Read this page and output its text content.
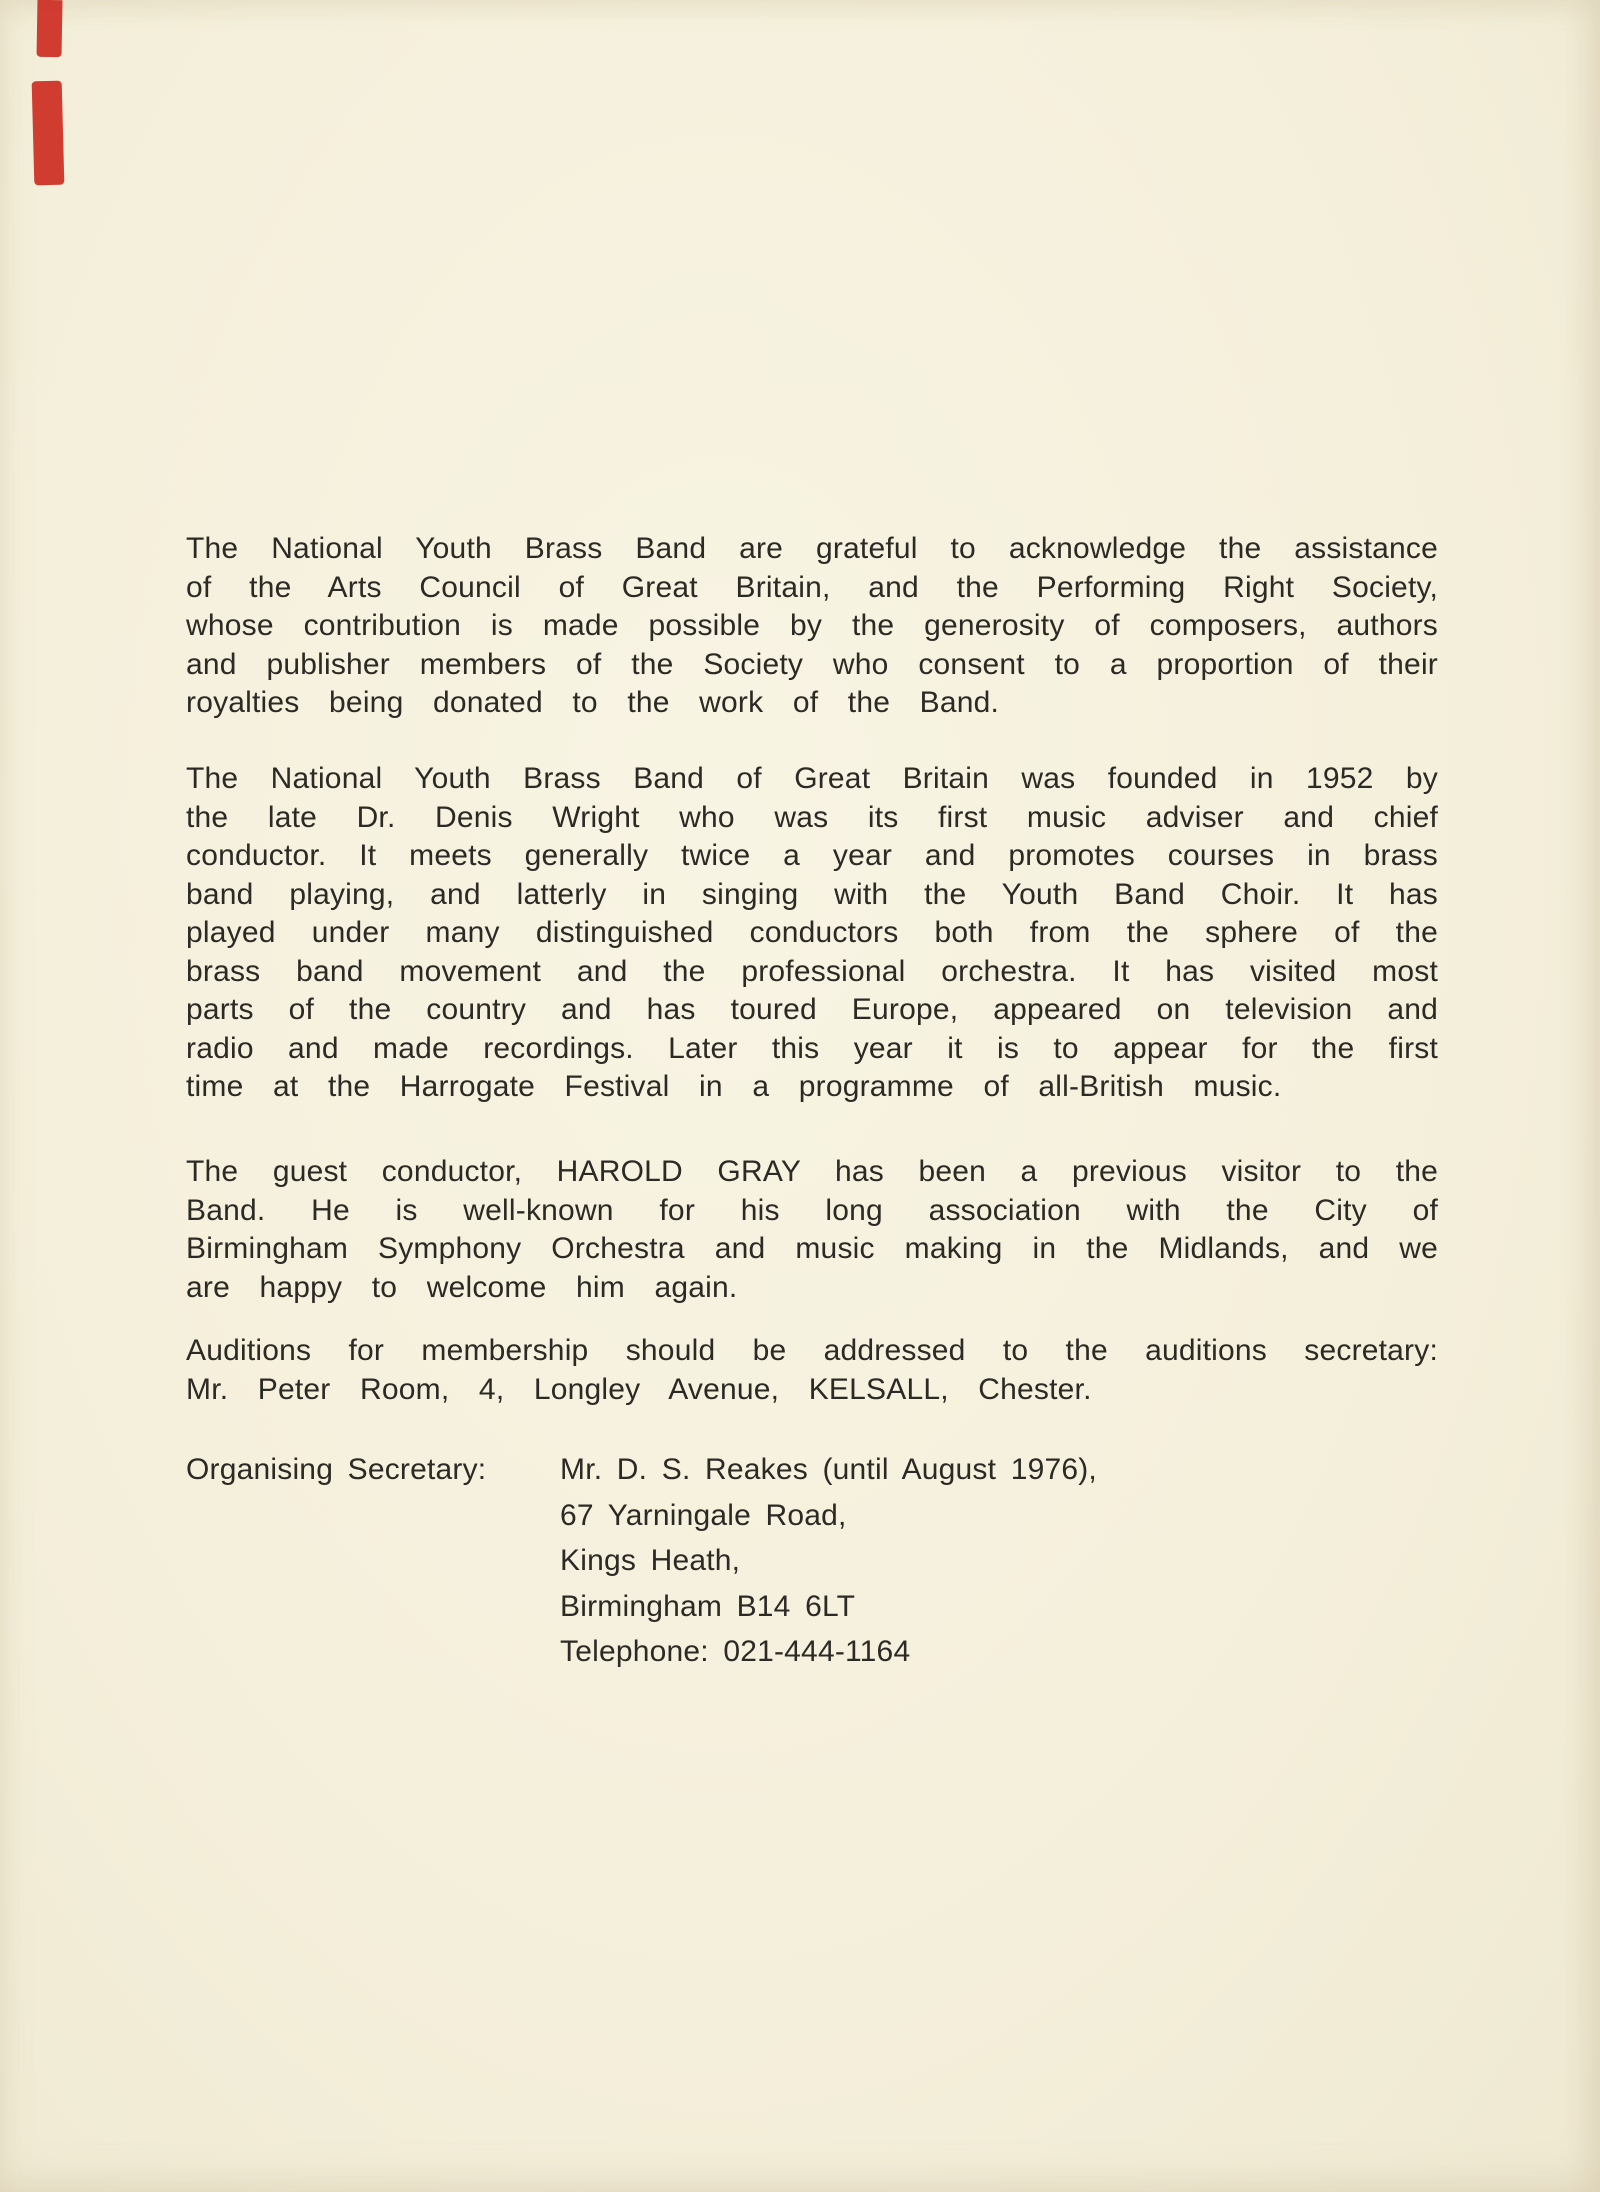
The National Youth Brass Band are grateful to acknowledge the assistance of the Arts Council of Great Britain, and the Performing Right Society, whose contribution is made possible by the generosity of composers, authors and publisher members of the Society who consent to a proportion of their royalties being donated to the work of the Band.

The National Youth Brass Band of Great Britain was founded in 1952 by the late Dr. Denis Wright who was its first music adviser and chief conductor. It meets generally twice a year and promotes courses in brass band playing, and latterly in singing with the Youth Band Choir. It has played under many distinguished conductors both from the sphere of the brass band movement and the professional orchestra. It has visited most parts of the country and has toured Europe, appeared on television and radio and made recordings. Later this year it is to appear for the first time at the Harrogate Festival in a programme of all-British music.

The guest conductor, HAROLD GRAY has been a previous visitor to the Band. He is well-known for his long association with the City of Birmingham Symphony Orchestra and music making in the Midlands, and we are happy to welcome him again.

Auditions for membership should be addressed to the auditions secretary: Mr. Peter Room, 4, Longley Avenue, KELSALL, Chester.

Organising Secretary: Mr. D. S. Reakes (until August 1976),
67 Yarningale Road,
Kings Heath,
Birmingham B14 6LT
Telephone: 021-444-1164
